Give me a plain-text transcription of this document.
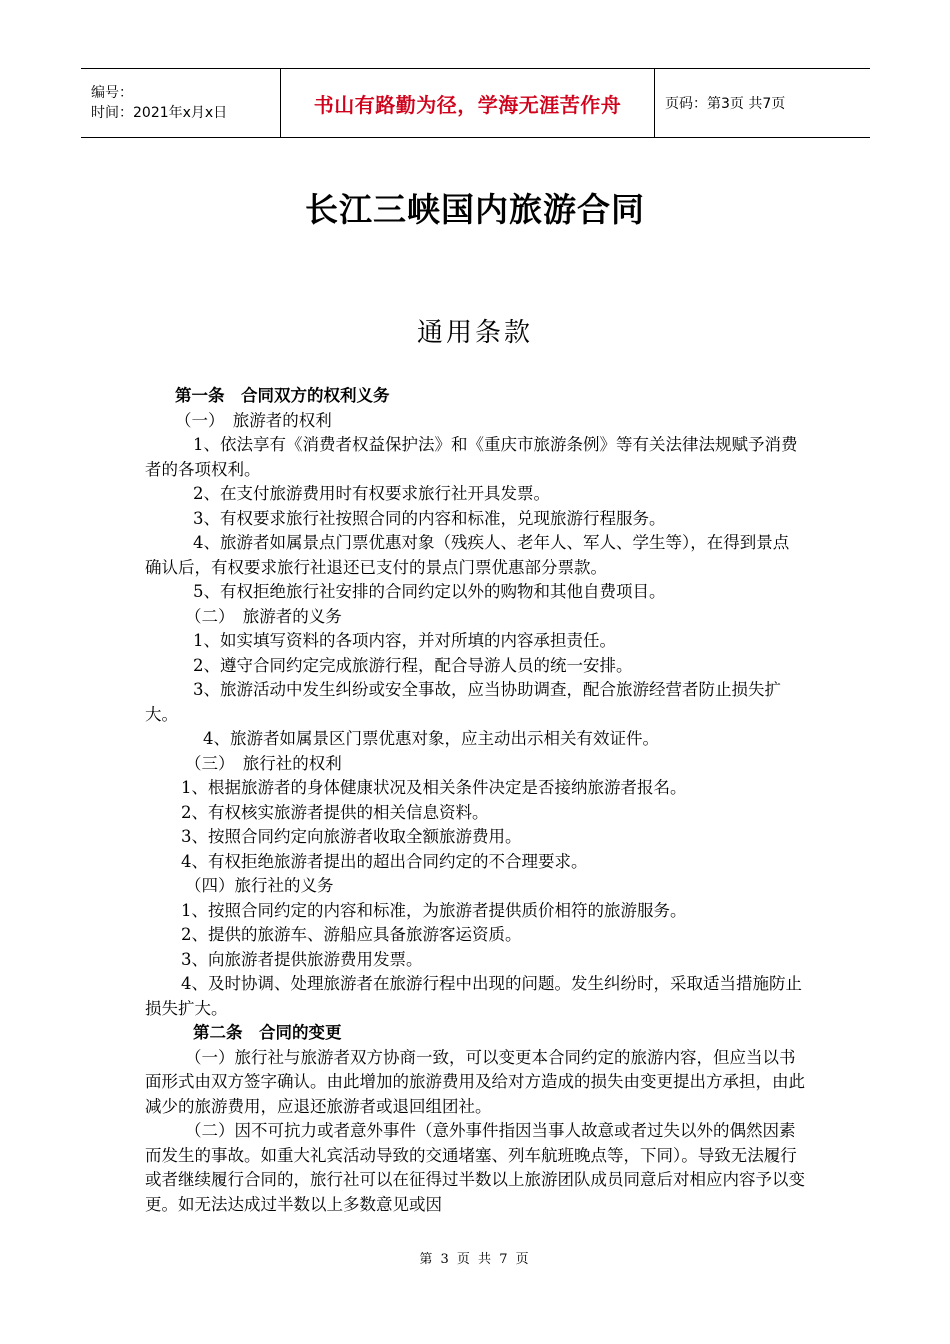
编号：
时间：2021年x月x日	书山有路勤为径，学海无涯苦作舟	页码：第3页 共7页
长江三峡国内旅游合同
通用条款

第一条　合同双方的权利义务

（一）　旅游者的权利

1、依法享有《消费者权益保护法》和《重庆市旅游条例》等有关法律法规赋予消费者的各项权利。

2、在支付旅游费用时有权要求旅行社开具发票。

3、有权要求旅行社按照合同的内容和标准，兑现旅游行程服务。

4、旅游者如属景点门票优惠对象（残疾人、老年人、军人、学生等），在得到景点确认后，有权要求旅行社退还已支付的景点门票优惠部分票款。

5、有权拒绝旅行社安排的合同约定以外的购物和其他自费项目。

（二）　旅游者的义务

1、如实填写资料的各项内容，并对所填的内容承担责任。

2、遵守合同约定完成旅游行程，配合导游人员的统一安排。

3、旅游活动中发生纠纷或安全事故，应当协助调查，配合旅游经营者防止损失扩大。

4、旅游者如属景区门票优惠对象，应主动出示相关有效证件。

（三）　旅行社的权利

1、根据旅游者的身体健康状况及相关条件决定是否接纳旅游者报名。

2、有权核实旅游者提供的相关信息资料。

3、按照合同约定向旅游者收取全额旅游费用。

4、有权拒绝旅游者提出的超出合同约定的不合理要求。

（四）旅行社的义务

1、按照合同约定的内容和标准，为旅游者提供质价相符的旅游服务。

2、提供的旅游车、游船应具备旅游客运资质。

3、向旅游者提供旅游费用发票。

4、及时协调、处理旅游者在旅游行程中出现的问题。发生纠纷时，采取适当措施防止损失扩大。

第二条　合同的变更

（一）旅行社与旅游者双方协商一致，可以变更本合同约定的旅游内容，但应当以书面形式由双方签字确认。由此增加的旅游费用及给对方造成的损失由变更提出方承担，由此减少的旅游费用，应退还旅游者或退回组团社。

（二）因不可抗力或者意外事件（意外事件指因当事人故意或者过失以外的偶然因素而发生的事故。如重大礼宾活动导致的交通堵塞、列车航班晚点等，下同）。导致无法履行或者继续履行合同的，旅行社可以在征得过半数以上旅游团队成员同意后对相应内容予以变更。如无法达成过半数以上多数意见或因

第 3 页 共 7 页
